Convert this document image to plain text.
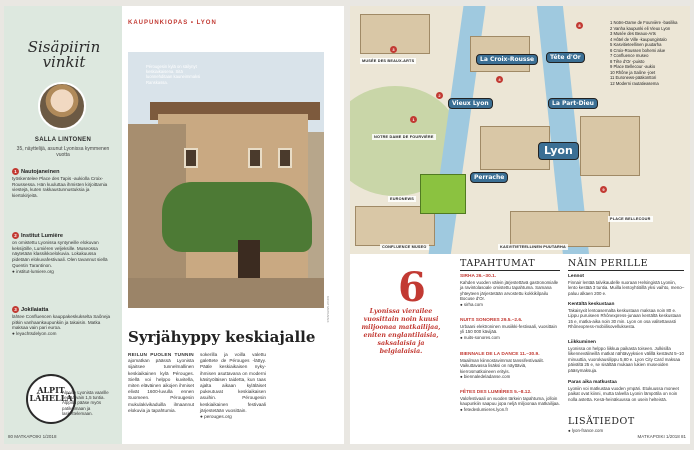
Sisäpiirin vinkit
SALLA LINTONEN
35, näyttelijä, asunut Lyonissa kymmenen vuotta
1 Nautojaneinen
työskentelee Place des Tapis -aukiolla Croix-Roussessa. Hän kuuluttaa ihmisten kirjoittamia viestejä, kuten rakkaustunnustuksia ja kiertokirjeitä.
2 Institut Lumière
on omistettu Lyonissa syntyneille elokuvan keksijöille, Lumièren veljeksille. Museossa näytetään klassikkoelokuvia. Lokakuussa pidetään elokuvafestivaali. Olen tavannut siellä Quentin Tarantinon.
● institut-lumiere.org
3 Jokilaiatta
lähtee Confluencen kauppakeskukselta Saôneja pitkin vanhaankaupunkiin ja takaisin. Matka maksaa vain pari euroa.
● leyachtsdelyon.com
ALPIT LÄHELLÄ
Alpeille Lyonista vaarille kestää vain 1,5 tuntia. Alppilla pääse myös patikoimaan ja laskettelemaan.
KAUPUNKIOPAS • LYON
Pérougesin kylä on säilynyt keskiaikaisena. Sitä luonnehditaan kauneimmaksi Ranskassa.
KUVAT MATKAPEX
Syrjähyppy keskiajalle
REILUN PUOLEN TUNNIN ajomatkan päässä Lyonista sijaitsee tunnelmallinen keskiaikainen kylä Pérouges. Siellä voi helppo kuvitella, miten eläväinen aikojen ihmiset elivät 1600-luvulla ennen Suomeen. Pérougesin mukulakivikaduilla ilmaannut elokuvia ja tapahtumia.
sokerilla ja voilla valettu galettete de Pérouges -lättyy. Pääle keskiaikaisen nyky-ihmisen asuttavana on moderni käsityöläisen taidetta, kun taas ajalta aikaan kyläläiset pukeutuvat keskiaikaisen asuihin. Pérougesin keskiaikainen festivaali järjestetään vuosittain.
● perouges.org
80 MATKAPOIKI 1/2018
MUSÉE DES BEAUX-ARTS
NOTRE DAME DE FOURVIÈRE
EURONEWS
CONFLUENCE MUSEO	KASVITIETEELLINEN PUUTARHA
PLACE BELLECOUR
La Croix-Rousse	Tête d'Or
Vieux Lyon	La Part-Dieu
Lyon
Perrache
1
2
3
4
8
9
1 Notre-Dame de Fourvière -basilika
2 Vanha kaupunki eli Vieux Lyon
3 Musée des Beaux-Arts
4 Hôtel de Ville -kaupungintalo
5 Kasvitieteellinen puutarha
6 Croix-Roussen bohemi alue
7 Confluence museo
8 Tête d'Or -puisto
9 Place Bellecour -aukio
10 Rhône ja Saône -joet
11 Euronews-pääkonttori
12 Moderni rautatieasema
6
Lyonissa vierailee vuosittain noin kuusi miljoonaa matkailijaa, eniten englantilaisia, saksalaisia ja belgialaisia.
TAPAHTUMAT
SIRHA 26.–30.1.
Kahden vuoden välein järjestettävä gastronomialle ja ravintolasoale omistettu tapahtuma. Samana yhteyteen järjestetään arvostettu kokkikilpailu Bocuse d'Or.
● sirha.com
NUITS SONORES 29.5.–2.6.
Urbaani elektroninen musiikki-festivaali, vuosittain yli 150 000 kävijää.
● nuits-sonores.com
BIENNALE DE LA DANCE 11.–30.9.
Maailman kiinnostavimmat tanssifestivaalit. Vaikuttavassa lisäksi on näyttäviä, kierrosmatkoineen erityis.
● biennaledeladanse.com
FÊTES DES LUMIÈRES 5.–8.12.
Valofestivaali on vuoden tärkein tapahtuma, jolloin kaupunkiin saapuu jopa neljä miljoonaa matkailijaa.
● fetedeslumieres.lyon.fr
NÄIN PERILLE
Lennot
Finnair lentää talvikaudelle suoraan Helsingistä Lyoniin, lento kestää 3 tuntia. Muilla lentoyhtiöillä yksi vaihto, meno–paluu alkaen 200 e.
Kentältä keskustaan
Takaisyxit lentoasemalta keskustaan maksaa noin 80 e. Lippu puruiseen Rhônexpress-junaan kentältä keskustaan 15 e, matka-aika noin 30 min. Lyon on osa valitettavasti Rhônexpress-mobiilisovelluksesta.
Liikkuminen
Lyonissa on helppo liikkua paikasta toiseen. Julkisilla liikennevälineillä matkat nähtävyyksien välillä kestävät 5–10 minuuttia, vuorokausilippu 5,80 e. Lyon City Card maksaa päivältä 25 e, se sisältää mukaan lukien museoiden pääsymaksuja.
Paras aika matkustaa
Lyoniin voi matkustaa vuoden ympäri. Etukuussa moneet paikat ovat kiinni, mutta talvella Lyonin lämpötila on noin nolla astetta. Kesä-heinäkuussa on usein helteistä.
LISÄTIEDOT
● lyon-france.com
MATKAPOIKI 1/2018 81
